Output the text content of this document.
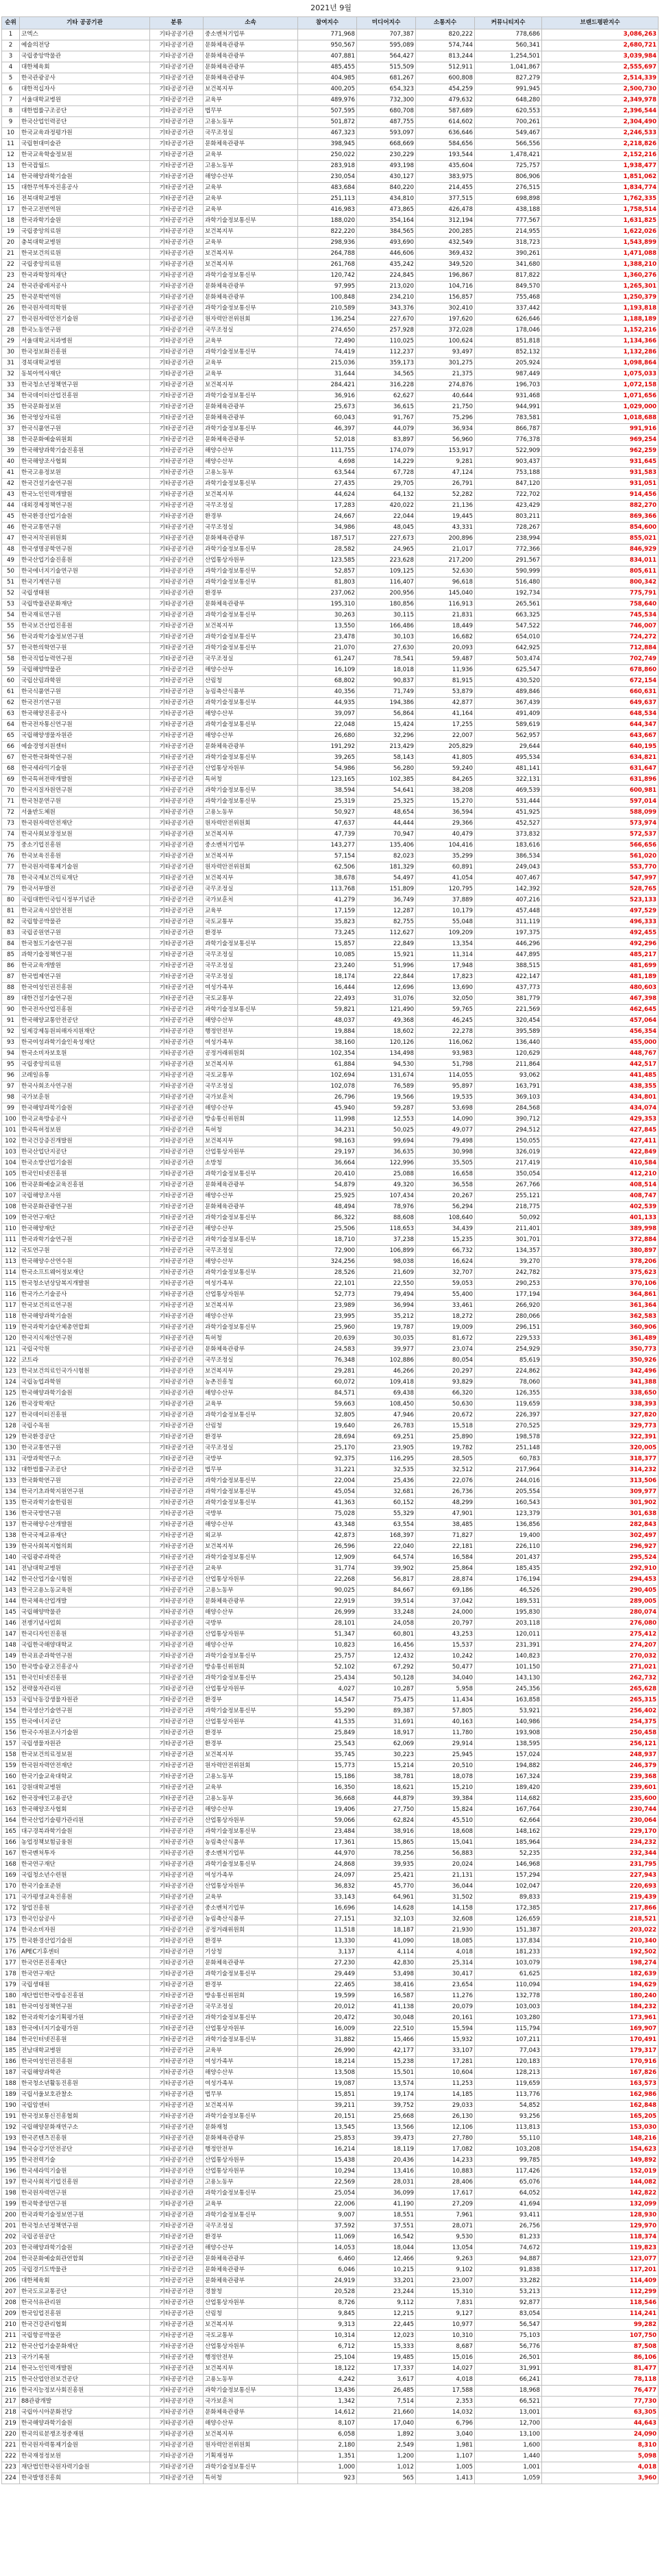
2021년 9월
순위	기타 공공기관	분류	소속	참여지수	미디어지수	소통지수	커뮤니티지수	브랜드평판지수
1	코엑스	기타공공기관	중소벤처기업부	771,968	707,387	820,222	778,686	3,086,263
2	예술의전당	기타공공기관	문화체육관광부	950,567	595,089	574,744	560,341	2,680,721
3	국립중앙박물관	기타공공기관	문화체육관광부	407,881	564,427	813,244	1,254,501	3,039,984
4	대한체육회	기타공공기관	문화체육관광부	485,455	515,509	512,911	1,041,867	2,555,697
5	한국관광공사	기타공공기관	문화체육관광부	404,985	681,267	600,808	827,279	2,514,339
6	대한적십자사	기타공공기관	보건복지부	400,205	654,323	454,259	991,945	2,500,730
7	서울대학교병원	기타공공기관	교육부	489,976	732,300	479,632	648,280	2,349,978
8	대한법률구조공단	기타공공기관	법무부	507,595	680,708	587,689	620,553	2,396,544
9	한국산업인력공단	기타공공기관	고용노동부	501,872	487,755	614,602	700,261	2,304,490
10	한국교육과정평가원	기타공공기관	국무조정실	467,323	593,097	636,646	549,467	2,246,533
11	국립현대미술관	기타공공기관	문화체육관광부	398,945	668,669	584,656	566,556	2,218,826
12	한국교육학술정보원	기타공공기관	교육부	250,022	230,229	193,544	1,478,421	2,152,216
13	한국잡월드	기타공공기관	고용노동부	283,918	493,198	435,604	725,757	1,938,477
14	한국해양과학기술원	기타공공기관	해양수산부	230,054	430,127	383,975	806,906	1,851,062
15	대한무역투자진흥공사	기타공공기관	교육부	483,684	840,220	214,455	276,515	1,834,774
16	전북대학교병원	기타공공기관	교육부	251,113	434,810	377,515	698,898	1,762,335
17	한국고전번역원	기타공공기관	교육부	416,983	473,865	426,478	438,188	1,758,514
18	한국과학기술원	기타공공기관	과학기술정보통신부	188,020	354,164	312,194	777,567	1,631,825
19	국립중앙의료원	기타공공기관	보건복지부	822,220	384,565	200,285	214,955	1,622,026
20	충북대학교병원	기타공공기관	교육부	298,936	493,690	432,549	318,723	1,543,899
21	한국보건의료원	기타공공기관	보건복지부	264,788	446,606	369,432	390,261	1,471,088
22	국립중앙의료원	기타공공기관	보건복지부	261,768	435,242	349,520	341,680	1,388,210
23	한국과학창의재단	기타공공기관	과학기술정보통신부	120,742	224,845	196,867	817,822	1,360,276
24	한국관광레저공사	기타공공기관	문화체육관광부	97,995	213,020	104,716	849,570	1,265,301
25	한국문학번역원	기타공공기관	문화체육관광부	100,848	234,210	156,857	755,468	1,250,379
26	한국원자력의학원	기타공공기관	과학기술정보통신부	210,589	343,376	302,410	337,442	1,193,818
27	한국원자력안전기술원	기타공공기관	원자력안전위원회	136,254	227,670	197,620	626,646	1,188,189
28	한국노동연구원	기타공공기관	국무조정실	274,650	257,928	372,028	178,046	1,152,216
29	서울대학교치과병원	기타공공기관	교육부	72,490	110,025	100,624	851,818	1,134,366
30	한국정보화진흥원	기타공공기관	과학기술정보통신부	74,419	112,237	93,497	852,132	1,132,286
31	경북대학교병원	기타공공기관	교육부	215,036	359,173	301,275	205,924	1,098,864
32	동북아역사재단	기타공공기관	교육부	31,644	34,565	21,375	987,449	1,075,033
33	한국청소년정책연구원	기타공공기관	보건복지부	284,421	316,228	274,876	196,703	1,072,158
34	한국데이터산업진흥원	기타공공기관	과학기술정보통신부	36,916	62,627	40,644	931,468	1,071,656
35	한국문화정보원	기타공공기관	문화체육관광부	25,673	36,615	21,750	944,991	1,029,000
36	한국영상자료원	기타공공기관	문화체육관광부	60,043	91,767	75,296	783,581	1,018,688
37	한국식품연구원	기타공공기관	과학기술정보통신부	46,397	44,079	36,934	866,787	991,916
38	한국문화예술위원회	기타공공기관	문화체육관광부	52,018	83,897	56,960	776,378	969,254
39	한국해양과학기술진흥원	기타공공기관	해양수산부	111,755	174,079	153,917	522,909	962,259
40	한국해양조사협회	기타공공기관	해양수산부	4,698	14,229	9,281	903,437	931,645
41	한국고용정보원	기타공공기관	고용노동부	63,544	67,728	47,124	753,188	931,583
42	한국건설기술연구원	기타공공기관	과학기술정보통신부	27,435	29,705	26,791	847,120	931,051
43	한국노인인력개발원	기타공공기관	보건복지부	44,624	64,132	52,282	722,702	914,456
44	대외경제정책연구원	기타공공기관	국무조정실	17,283	420,022	21,136	423,429	882,270
45	한국환경산업기술원	기타공공기관	환경부	24,667	22,044	19,445	803,211	869,366
46	한국교통연구원	기타공공기관	국무조정실	34,986	48,045	43,331	728,267	854,600
47	한국저작권위원회	기타공공기관	문화체육관광부	187,517	227,673	200,896	238,994	855,021
48	한국생명공학연구원	기타공공기관	과학기술정보통신부	28,582	24,965	21,017	772,366	846,929
49	한국산업기술진흥원	기타공공기관	산업통상자원부	123,585	223,628	217,200	291,567	834,011
50	한국에너지기술연구원	기타공공기관	과학기술정보통신부	52,857	109,125	52,630	590,999	805,611
51	한국기계연구원	기타공공기관	과학기술정보통신부	81,803	116,407	96,618	516,480	800,342
52	국립생태원	기타공공기관	환경부	237,062	200,956	145,040	192,734	775,791
53	국립박물관문화재단	기타공공기관	문화체육관광부	195,310	180,856	116,913	265,561	758,640
54	한국재료연구원	기타공공기관	과학기술정보통신부	30,263	30,115	21,831	663,325	745,534
55	한국보건산업진흥원	기타공공기관	보건복지부	13,550	166,486	18,449	547,522	746,007
56	한국과학기술정보연구원	기타공공기관	과학기술정보통신부	23,478	30,103	16,682	654,010	724,272
57	한국한의학연구원	기타공공기관	과학기술정보통신부	21,070	27,630	20,093	642,925	712,884
58	한국직업능력연구원	기타공공기관	국무조정실	61,247	78,541	59,487	503,474	702,749
59	국립해양박물관	기타공공기관	해양수산부	16,109	18,018	11,936	625,547	678,860
60	국립산림과학원	기타공공기관	산림청	68,802	90,837	81,915	430,520	672,154
61	한국식품연구원	기타공공기관	농림축산식품부	40,356	71,749	53,879	489,846	660,631
62	한국전기연구원	기타공공기관	과학기술정보통신부	44,935	194,386	42,877	367,439	649,637
63	한국해양진흥공사	기타공공기관	해양수산부	39,097	56,864	41,164	491,409	648,534
64	한국전자통신연구원	기타공공기관	과학기술정보통신부	22,048	15,424	17,255	589,619	644,347
65	국립해양생물자원관	기타공공기관	해양수산부	26,680	32,296	22,007	562,957	643,667
66	예술경영지원센터	기타공공기관	문화체육관광부	191,292	213,429	205,829	29,644	640,195
67	한국한국화학연구원	기타공공기관	과학기술정보통신부	39,265	58,143	41,805	495,534	634,821
68	한국세라믹기술원	기타공공기관	산업통상자원부	54,986	56,280	59,240	481,141	631,647
69	한국특허전략개발원	기타공공기관	특허청	123,165	102,385	84,265	322,131	631,896
70	한국지질자원연구원	기타공공기관	과학기술정보통신부	38,594	54,641	38,208	469,539	600,981
71	한국천문연구원	기타공공기관	과학기술정보통신부	25,319	25,325	15,270	531,444	597,014
72	서울반도체원	기타공공기관	고용노동부	50,927	48,654	36,594	451,925	588,099
73	한국원자력안전재단	기타공공기관	원자력안전위원회	47,637	44,444	29,366	452,527	573,974
74	한국사회보장정보원	기타공공기관	보건복지부	47,739	70,947	40,479	373,832	572,537
75	중소기업진흥원	기타공공기관	중소벤처기업부	143,277	135,406	104,416	183,616	566,656
76	한국보육진흥원	기타공공기관	보건복지부	57,154	82,023	35,299	386,534	561,020
77	한국원자력통제기술원	기타공공기관	원자력안전위원회	62,506	181,329	60,891	249,043	553,770
78	한국국제보건의료재단	기타공공기관	보건복지부	38,678	54,497	41,054	407,467	547,997
79	한국서부발전	기타공공기관	국무조정실	113,768	151,809	120,795	142,392	528,765
80	국립대한민국임시정부기념관	기타공공기관	국가보훈처	41,279	36,749	37,889	407,216	523,133
81	한국교육시설안전원	기타공공기관	교육부	17,159	12,287	10,179	457,448	497,529
82	국립항공박물관	기타공공기관	국토교통부	35,823	82,755	55,048	311,119	496,333
83	국립공원연구원	기타공공기관	환경부	73,245	112,627	109,209	197,375	492,455
84	한국철도기술연구원	기타공공기관	과학기술정보통신부	15,857	22,849	13,354	446,296	492,296
85	과학기술정책연구원	기타공공기관	국무조정실	10,085	15,921	11,314	447,895	485,217
86	한국교육개발원	기타공공기관	국무조정실	23,240	51,996	17,948	388,515	481,699
87	한국법제연구원	기타공공기관	국무조정실	18,174	22,844	17,823	422,147	481,189
88	한국여성인권진흥원	기타공공기관	여성가족부	16,444	12,696	13,690	437,773	480,603
89	대한건설기술연구원	기타공공기관	국토교통부	22,493	31,076	32,050	381,779	467,398
90	한국전자산업진흥원	기타공공기관	과학기술정보통신부	59,821	121,490	59,765	221,569	462,645
91	한국해양교통안전공단	기타공공기관	해양수산부	48,037	49,368	46,245	320,454	457,064
92	일제강제동원피해자지원재단	기타공공기관	행정안전부	19,884	18,602	22,278	395,589	456,354
93	한국여성과학기술인육성재단	기타공공기관	여성가족부	38,160	120,126	116,062	136,440	455,000
94	한국소비자보호원	기타공공기관	공정거래위원회	102,354	134,498	93,983	120,629	448,767
95	국립중앙의료원	기타공공기관	보건복지부	61,884	94,530	51,798	211,864	442,517
96	코레일유통	기타공공기관	국토교통부	102,694	131,674	114,055	93,062	441,485
97	한국사회조사연구원	기타공공기관	국무조정실	102,078	76,589	95,897	163,791	438,355
98	국가보훈원	기타공공기관	국가보훈처	26,796	19,566	19,535	369,103	434,801
99	한국해양과학기술원	기타공공기관	해양수산부	45,940	59,287	53,698	284,568	434,074
100	한국교육방송공사	기타공공기관	방송통신위원회	11,998	12,553	14,090	390,712	429,353
101	한국특허정보원	기타공공기관	특허청	34,231	50,025	49,077	294,512	427,845
102	한국건강증진개발원	기타공공기관	보건복지부	98,163	99,694	79,498	150,055	427,411
103	한국산업단지공단	기타공공기관	산업통상자원부	29,197	36,635	30,998	326,019	422,849
104	한국소방산업기술원	기타공공기관	소방청	36,664	122,996	35,505	217,419	410,584
105	한국인터넷진흥원	기타공공기관	과학기술정보통신부	20,410	25,088	16,658	350,054	412,210
106	한국문화예술교육진흥원	기타공공기관	문화체육관광부	54,879	49,320	36,558	267,766	408,514
107	국립해양조사원	기타공공기관	해양수산부	25,925	107,434	20,267	255,121	408,747
108	한국문화관광연구원	기타공공기관	문화체육관광부	48,494	78,976	56,294	218,775	402,539
109	한국연구재단	기타공공기관	과학기술정보통신부	86,322	88,608	108,640	50,092	401,133
110	한국해양재단	기타공공기관	해양수산부	25,506	118,653	34,439	211,401	389,998
111	한국과학기술연구원	기타공공기관	과학기술정보통신부	18,710	37,238	15,235	301,701	372,884
112	국토연구원	기타공공기관	국무조정실	72,900	106,899	66,732	134,357	380,897
113	한국해양수산연수원	기타공공기관	해양수산부	324,256	98,038	16,624	39,270	378,206
114	한국소프트웨어정보재단	기타공공기관	과학기술정보통신부	28,526	21,609	32,707	242,782	375,623
115	한국청소년상담복지개발원	기타공공기관	여성가족부	22,101	22,550	59,053	290,253	370,106
116	한국가스기술공사	기타공공기관	산업통상자원부	52,773	79,494	55,400	177,194	364,861
117	한국보건의료연구원	기타공공기관	보건복지부	23,989	36,994	33,461	266,920	361,364
118	한국해양과학기술원	기타공공기관	해양수산부	23,995	35,212	18,272	280,066	362,583
119	한국과학기술단체총연합회	기타공공기관	과학기술정보통신부	25,960	19,787	19,009	296,151	360,906
120	한국지식재산연구원	기타공공기관	특허청	20,639	30,035	81,672	229,533	361,489
121	국립국악원	기타공공기관	문화체육관광부	24,583	39,977	23,074	254,929	350,773
122	코트라	기타공공기관	국무조정실	76,348	102,886	80,054	85,619	350,926
123	한국보건의료인국가시험원	기타공공기관	보건복지부	29,281	46,266	20,297	224,862	342,496
124	국립농업과학원	기타공공기관	농촌진흥청	60,072	109,418	93,829	78,060	341,388
125	한국해양과학기술원	기타공공기관	해양수산부	84,571	69,438	66,320	126,355	338,650
126	한국장학재단	기타공공기관	교육부	59,663	108,450	50,630	119,659	338,393
127	한국데이터진흥원	기타공공기관	과학기술정보통신부	32,805	47,946	20,672	226,397	327,820
128	국립수목원	기타공공기관	산림청	19,640	26,783	15,518	270,525	329,773
129	한국환경공단	기타공공기관	환경부	28,694	69,251	25,890	198,578	322,391
130	한국교통연구원	기타공공기관	국무조정실	25,170	23,905	19,782	251,148	320,005
131	국방과학연구소	기타공공기관	국방부	92,375	116,295	28,505	60,783	318,377
132	대한법률구조공단	기타공공기관	법무부	31,221	32,535	32,512	217,964	314,232
133	한국화학연구원	기타공공기관	과학기술정보통신부	22,004	25,436	22,076	244,016	313,506
134	한국기초과학지원연구원	기타공공기관	과학기술정보통신부	45,054	32,681	26,736	205,554	309,977
135	한국과학기술한림원	기타공공기관	과학기술정보통신부	41,363	60,152	48,299	160,543	301,902
136	한국국방연구원	기타공공기관	국방부	75,028	55,329	47,901	123,379	301,638
137	한국해양수산개발원	기타공공기관	해양수산부	43,348	63,554	38,485	136,856	282,843
138	한국국제교류재단	기타공공기관	외교부	42,873	168,397	71,827	19,400	302,497
139	한국사회복지협의회	기타공공기관	보건복지부	26,596	22,040	22,181	226,110	296,927
140	국립광주과학관	기타공공기관	과학기술정보통신부	12,909	64,574	16,584	201,437	295,524
141	전남대학교병원	기타공공기관	교육부	31,774	39,902	25,864	185,435	292,910
142	한국산업기술시험원	기타공공기관	산업통상자원부	22,268	56,817	28,874	176,194	294,453
143	한국고용노동교육원	기타공공기관	고용노동부	90,025	84,667	69,186	46,526	290,405
144	한국체육산업개발	기타공공기관	문화체육관광부	22,919	39,514	37,042	189,531	289,005
145	국립해양박물관	기타공공기관	해양수산부	26,999	33,248	24,000	195,830	280,074
146	전쟁기념사업회	기타공공기관	국방부	28,101	24,058	20,797	203,118	276,080
147	한국디자인진흥원	기타공공기관	산업통상자원부	51,347	60,801	43,253	120,011	275,412
148	국립한국해양대학교	기타공공기관	해양수산부	10,823	16,456	15,537	231,391	274,207
149	한국표준과학연구원	기타공공기관	과학기술정보통신부	25,757	12,432	10,242	140,823	270,032
150	한국방송광고진흥공사	기타공공기관	방송통신위원회	52,102	67,292	50,477	101,150	271,021
151	한국인터넷진흥원	기타공공기관	과학기술정보통신부	25,434	50,128	34,040	143,130	262,732
152	전략물자관리원	기타공공기관	산업통상자원부	4,027	10,287	5,958	245,356	265,628
153	국립낙동강생물자원관	기타공공기관	환경부	14,547	75,475	11,434	163,858	265,315
154	한국생산기술연구원	기타공공기관	과학기술정보통신부	55,290	89,387	57,805	53,921	256,402
155	한국에너지공단	기타공공기관	산업통상자원부	41,535	31,691	40,163	140,986	254,375
156	한국수자원조사기술원	기타공공기관	환경부	25,849	18,917	11,780	193,908	250,458
157	국립생물자원관	기타공공기관	환경부	25,543	62,069	29,914	138,595	256,121
158	한국보건의료정보원	기타공공기관	보건복지부	35,745	30,223	25,945	157,024	248,937
159	한국원자력안전재단	기타공공기관	원자력안전위원회	15,773	15,214	20,510	194,882	246,379
160	한국기술교육대학교	기타공공기관	고용노동부	15,186	38,781	18,078	167,324	239,368
161	강원대학교병원	기타공공기관	교육부	16,350	18,621	15,210	189,420	239,601
162	한국장애인고용공단	기타공공기관	고용노동부	36,668	44,879	39,384	114,682	235,600
163	한국해양조사협회	기타공공기관	해양수산부	19,406	27,750	15,824	167,764	230,744
164	한국산업기술평가관리원	기타공공기관	산업통상자원부	59,066	62,824	45,510	62,664	230,064
165	대구경북과학기술원	기타공공기관	과학기술정보통신부	23,484	38,916	18,608	148,162	229,170
166	농업정책보험금융원	기타공공기관	농림축산식품부	17,361	15,865	15,041	185,964	234,232
167	한국벤처투자	기타공공기관	중소벤처기업부	44,970	78,256	56,883	52,235	232,344
168	한국연구재단	기타공공기관	과학기술정보통신부	24,868	39,935	20,024	146,968	231,795
169	국립청소년수련원	기타공공기관	여성가족부	24,097	25,421	21,131	157,294	227,943
170	한국기술표준원	기타공공기관	산업통상자원부	36,832	45,770	36,044	102,047	220,693
171	국가평생교육진흥원	기타공공기관	교육부	33,143	64,961	31,502	89,833	219,439
172	창업진흥원	기타공공기관	중소벤처기업부	16,696	14,628	14,158	172,385	217,866
173	한국인삼공사	기타공공기관	농림축산식품부	27,151	32,103	32,608	126,659	218,521
174	한국소비자원	기타공공기관	공정거래위원회	11,518	18,187	21,930	151,387	203,022
175	한국환경산업기술원	기타공공기관	환경부	13,330	41,090	18,085	137,834	210,340
176	APEC기후센터	기타공공기관	기상청	3,137	4,114	4,018	181,233	192,502
177	한국언론진흥재단	기타공공기관	문화체육관광부	27,230	42,830	25,314	103,079	198,274
178	한국연구재단	기타공공기관	과학기술정보통신부	29,449	53,498	30,417	61,625	182,639
179	국립생태원	기타공공기관	환경부	22,465	38,416	23,654	110,094	194,629
180	재단법인한국방송진흥원	기타공공기관	방송통신위원회	19,599	16,587	11,276	132,778	180,240
181	한국여성정책연구원	기타공공기관	국무조정실	20,012	41,138	20,079	103,003	184,232
182	한국과학기술기획평가원	기타공공기관	과학기술정보통신부	20,472	30,048	20,161	103,280	173,961
183	한국에너지기술평가원	기타공공기관	산업통상자원부	16,009	22,510	15,594	115,794	169,907
184	한국인터넷진흥원	기타공공기관	과학기술정보통신부	31,882	15,466	15,932	107,211	170,491
185	전남대학교병원	기타공공기관	교육부	26,990	42,177	33,107	77,043	179,317
186	한국여성인권진흥원	기타공공기관	여성가족부	18,214	15,238	17,281	120,183	170,916
187	국립해양과학관	기타공공기관	해양수산부	13,508	15,501	10,604	128,213	167,826
188	한국청소년활동진흥원	기타공공기관	여성가족부	19,087	13,574	11,253	119,659	163,573
189	국립서울보호관찰소	기타공공기관	법무부	15,851	19,174	14,185	113,776	162,986
190	국립암센터	기타공공기관	보건복지부	39,211	39,752	29,033	54,852	162,848
191	한국정보통신진흥협회	기타공공기관	과학기술정보통신부	20,151	25,668	26,130	93,256	165,205
192	국립해양문화재연구소	기타공공기관	문화재청	13,545	13,566	12,106	113,813	153,030
193	한국콘텐츠진흥원	기타공공기관	문화체육관광부	25,853	39,473	27,780	55,110	148,216
194	한국승강기안전공단	기타공공기관	행정안전부	16,214	18,119	17,082	103,208	154,623
195	한국전력기술	기타공공기관	산업통상자원부	15,438	20,436	14,233	99,785	149,892
196	한국세라믹기술원	기타공공기관	산업통상자원부	10,294	13,416	10,883	117,426	152,019
197	한국사회적기업진흥원	기타공공기관	고용노동부	22,569	28,031	28,406	65,076	144,082
198	한국원자력연구원	기타공공기관	과학기술정보통신부	25,054	36,099	17,617	64,052	142,822
199	한국학중앙연구원	기타공공기관	교육부	22,006	41,190	27,209	41,694	132,099
200	한국과학기술정보연구원	기타공공기관	과학기술정보통신부	9,007	18,551	7,961	93,411	128,930
201	한국청소년정책연구원	기타공공기관	국무조정실	37,592	37,551	28,071	26,756	129,970
202	국립공원공단	기타공공기관	환경부	11,069	16,542	9,530	81,233	118,374
203	한국해양과학기술원	기타공공기관	해양수산부	14,053	18,044	13,054	74,672	119,823
204	한국문화예술회관연합회	기타공공기관	문화체육관광부	6,460	12,466	9,263	94,887	123,077
205	국립경기도박물관	기타공공기관	문화체육관광부	6,046	10,215	9,102	91,838	117,201
206	대한체육회	기타공공기관	문화체육관광부	24,919	33,201	23,007	33,282	114,409
207	한국도로교통공단	기타공공기관	경찰청	20,528	23,244	15,310	53,213	112,299
208	한국석유관리원	기타공공기관	산업통상자원부	8,726	9,112	7,831	92,877	118,546
209	한국임업진흥원	기타공공기관	산림청	9,845	12,215	9,127	83,054	114,241
210	한국건강관리협회	기타공공기관	보건복지부	9,313	22,445	10,977	56,547	99,282
211	국립항공박물관	기타공공기관	국토교통부	10,314	12,023	10,310	75,103	107,750
212	한국산업기술문화재단	기타공공기관	산업통상자원부	6,712	15,333	8,687	56,776	87,508
213	국가기록원	기타공공기관	행정안전부	25,104	19,485	15,016	26,501	86,106
214	한국노인인력개발원	기타공공기관	보건복지부	18,122	17,337	14,027	31,991	81,477
215	한국산업안전보건공단	기타공공기관	고용노동부	4,242	3,617	4,018	66,241	78,118
216	한국지능정보사회진흥원	기타공공기관	과학기술정보통신부	13,436	26,485	17,588	18,968	76,477
217	88관광개발	기타공공기관	국가보훈처	1,342	7,514	2,353	66,521	77,730
218	국립아시아문화전당	기타공공기관	문화체육관광부	14,612	21,660	14,032	13,001	63,305
219	한국해양과학기술원	기타공공기관	해양수산부	8,107	17,040	6,796	12,700	44,643
220	한국의료분쟁조정중재원	기타공공기관	보건복지부	6,058	1,892	3,040	13,100	24,090
221	한국원자력통제기술원	기타공공기관	원자력안전위원회	2,180	2,549	1,981	1,600	8,310
222	한국재정정보원	기타공공기관	기획재정부	1,351	1,200	1,107	1,440	5,098
223	재단법인한국원자력기술원	기타공공기관	과학기술정보통신부	1,000	1,012	1,005	1,001	4,018
224	한국발명진흥회	기타공공기관	특허청	923	565	1,413	1,059	3,960
